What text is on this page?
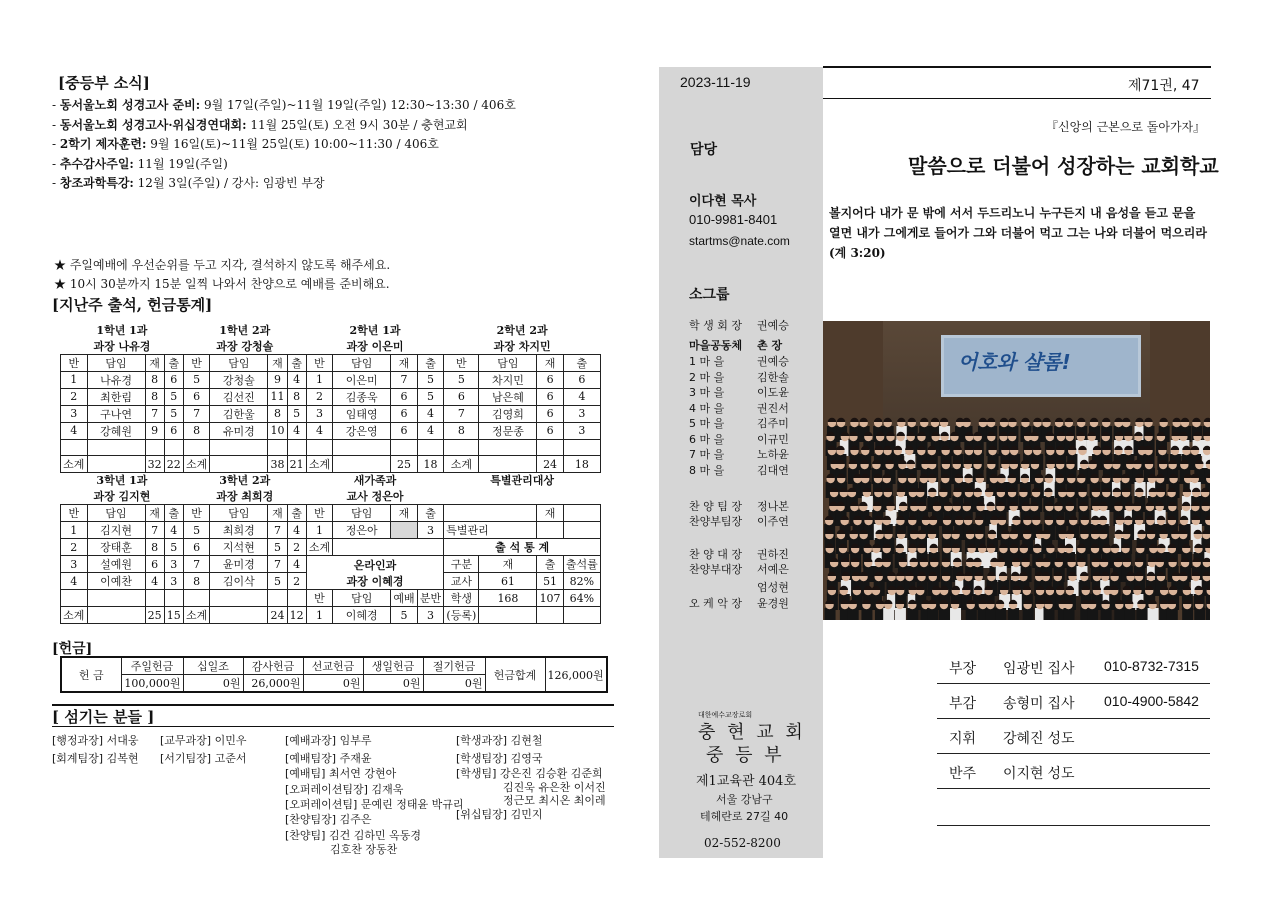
[중등부 소식]
- 동서울노회 성경고사 준비: 9월 17일(주일)~11월 19일(주일) 12:30~13:30 / 406호
- 동서울노회 성경고사·위십경연대회: 11월 25일(토) 오전 9시 30분 / 충현교회
- 2학기 제자훈련: 9월 16일(토)~11월 25일(토) 10:00~11:30 / 406호
- 추수감사주일: 11월 19일(주일)
- 창조과학특강: 12월 3일(주일) / 강사: 임광빈 부장
★ 주일예배에 우선순위를 두고 지각, 결석하지 않도록 해주세요.
★ 10시 30분까지 15분 일찍 나와서 찬양으로 예배를 준비해요.
[지난주 출석, 헌금통계]
1학년 1과				1학년 2과				2학년 1과				2학년 2과			
과장 나유경				과장 강청솔				과장 이은미				과장 차지민			
반	담임	재	출	반	담임	재	출	반	담임	재	출	반	담임	재	출
1	나유경	8	6	5	강청솔	9	4	1	이은미	7	5	5	차지민	6	6
2	최한림	8	5	6	김선진	11	8	2	김종욱	6	5	6	남은혜	6	4
3	구나연	7	5	7	김한울	8	5	3	임태영	6	4	7	김영희	6	3
4	강혜원	9	6	8	유미경	10	4	4	강은영	6	4	8	정문종	6	3

소계		32	22	소계		38	21	소계		25	18	소계		24	18
3학년 1과				3학년 2과				새가족과				특별관리대상			
과장 김지현				과장 최희경				교사 정은아							
반	담임	재	출	반	담임	재	출	반	담임	재	출			재	
1	김지현	7	4	5	최희경	7	4	1	정은아		3	특별관리			
2	장태훈	8	5	6	지석현	5	2	소계				출 석 통 계			
3	설예원	6	3	7	윤미경	7	4	온라인과				구분	재	출	출석률
4	이예찬	4	3	8	김이삭	5	2	과장 이혜경				교사	61	51	82%
								반	담임	예배	분반	학생	168	107	64%
소계		25	15	소계		24	12	1	이혜경	5	3	(등록)			
[헌금]
헌 금	주일헌금	십일조	감사헌금	선교헌금	생일헌금	절기헌금	헌금합계	126,000원
	100,000원	0원	26,000원	0원	0원	0원		
[ 섬기는 분들 ]
[행정과장] 서대웅 [교무과장] 이민우
[회계팀장] 김복현 [서기팀장] 고준서
[예배과장] 임부루
[예배팀장] 주재윤
[예배팀] 최서연 강현아
[오퍼레이션팀장] 김재욱
[오퍼레이션팀] 문예린 정태윤 박규리
[찬양팀장] 김주은
[찬양팀] 김건 김하민 옥동경
김호찬 장동찬
[학생과장] 김현철
[학생팀장] 김영국
[학생팀] 강은진 김승환 김준희
김진욱 유은찬 이서진
정근모 최시온 최이레
[위십팀장] 김민지
2023-11-19
담당
이다현 목사
010-9981-8401
startms@nate.com
소그룹
학 생 회 장 권예승
마을공동체 촌 장
1 마 을	권예승
2 마 을	김한솔
3 마 을	이도윤
4 마 을	권진서
5 마 을	김주미
6 마 을	이규민
7 마 을	노하윤
8 마 을	김대연
찬 양 팀 장 정나본
찬양부팀장 이주연
찬 양 대 장 권하진
찬양부대장 서예은
엄성현
오 케 악 장 윤경원
대한예수교장로회
충 현 교 회
중 등 부
제1교육관 404호
서울 강남구
테헤란로 27길 40
02-552-8200
제71권, 47
『신앙의 근본으로 돌아가자』
말씀으로 더불어 성장하는 교회학교
볼지어다 내가 문 밖에 서서 두드리노니 누구든지 내 음성을 듣고 문을 열면 내가 그에게로 들어가 그와 더불어 먹고 그는 나와 더불어 먹으리라 (계 3:20)
어호와 샬롬!
부장 임광빈 집사 010-8732-7315
부감 송형미 집사 010-4900-5842
지휘 강혜진 성도
반주 이지현 성도
